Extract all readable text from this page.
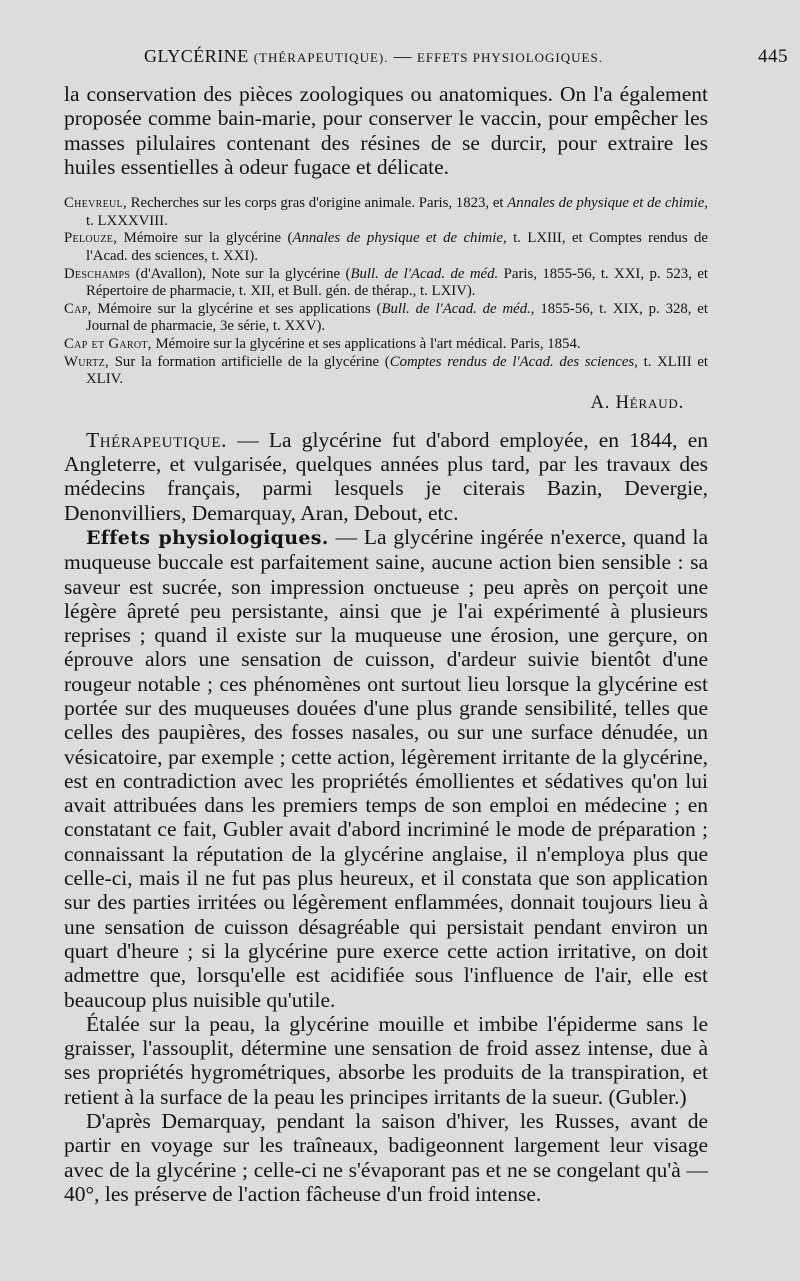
GLYCÉRINE (THÉRAPEUTIQUE). — EFFETS PHYSIOLOGIQUES.	445

la conservation des pièces zoologiques ou anatomiques. On l'a également proposée comme bain-marie, pour conserver le vaccin, pour empêcher les masses pilulaires contenant des résines de se durcir, pour extraire les huiles essentielles à odeur fugace et délicate.

Chevreul, Recherches sur les corps gras d'origine animale. Paris, 1823, et Annales de physique et de chimie, t. LXXXVIII.

Pelouze, Mémoire sur la glycérine (Annales de physique et de chimie, t. LXIII, et Comptes rendus de l'Acad. des sciences, t. XXI).

Deschamps (d'Avallon), Note sur la glycérine (Bull. de l'Acad. de méd. Paris, 1855-56, t. XXI, p. 523, et Répertoire de pharmacie, t. XII, et Bull. gén. de thérap., t. LXIV).

Cap, Mémoire sur la glycérine et ses applications (Bull. de l'Acad. de méd., 1855-56, t. XIX, p. 328, et Journal de pharmacie, 3e série, t. XXV).

Cap et Garot, Mémoire sur la glycérine et ses applications à l'art médical. Paris, 1854.

Wurtz, Sur la formation artificielle de la glycérine (Comptes rendus de l'Acad. des sciences, t. XLIII et XLIV.

A. Héraud.

Thérapeutique. — La glycérine fut d'abord employée, en 1844, en Angleterre, et vulgarisée, quelques années plus tard, par les travaux des médecins français, parmi lesquels je citerais Bazin, Devergie, Denonvilliers, Demarquay, Aran, Debout, etc.

Effets physiologiques. — La glycérine ingérée n'exerce, quand la muqueuse buccale est parfaitement saine, aucune action bien sensible : sa saveur est sucrée, son impression onctueuse ; peu après on perçoit une légère âpreté peu persistante, ainsi que je l'ai expérimenté à plusieurs reprises ; quand il existe sur la muqueuse une érosion, une gerçure, on éprouve alors une sensation de cuisson, d'ardeur suivie bientôt d'une rougeur notable ; ces phénomènes ont surtout lieu lorsque la glycérine est portée sur des muqueuses douées d'une plus grande sensibilité, telles que celles des paupières, des fosses nasales, ou sur une surface dénudée, un vésicatoire, par exemple ; cette action, légèrement irritante de la glycérine, est en contradiction avec les propriétés émollientes et sédatives qu'on lui avait attribuées dans les premiers temps de son emploi en médecine ; en constatant ce fait, Gubler avait d'abord incriminé le mode de préparation ; connaissant la réputation de la glycérine anglaise, il n'employa plus que celle-ci, mais il ne fut pas plus heureux, et il constata que son application sur des parties irritées ou légèrement enflammées, donnait toujours lieu à une sensation de cuisson désagréable qui persistait pendant environ un quart d'heure ; si la glycérine pure exerce cette action irritative, on doit admettre que, lorsqu'elle est acidifiée sous l'influence de l'air, elle est beaucoup plus nuisible qu'utile.

Étalée sur la peau, la glycérine mouille et imbibe l'épiderme sans le graisser, l'assouplit, détermine une sensation de froid assez intense, due à ses propriétés hygrométriques, absorbe les produits de la transpiration, et retient à la surface de la peau les principes irritants de la sueur. (Gubler.)

D'après Demarquay, pendant la saison d'hiver, les Russes, avant de partir en voyage sur les traîneaux, badigeonnent largement leur visage avec de la glycérine ; celle-ci ne s'évaporant pas et ne se congelant qu'à — 40°, les préserve de l'action fâcheuse d'un froid intense.
